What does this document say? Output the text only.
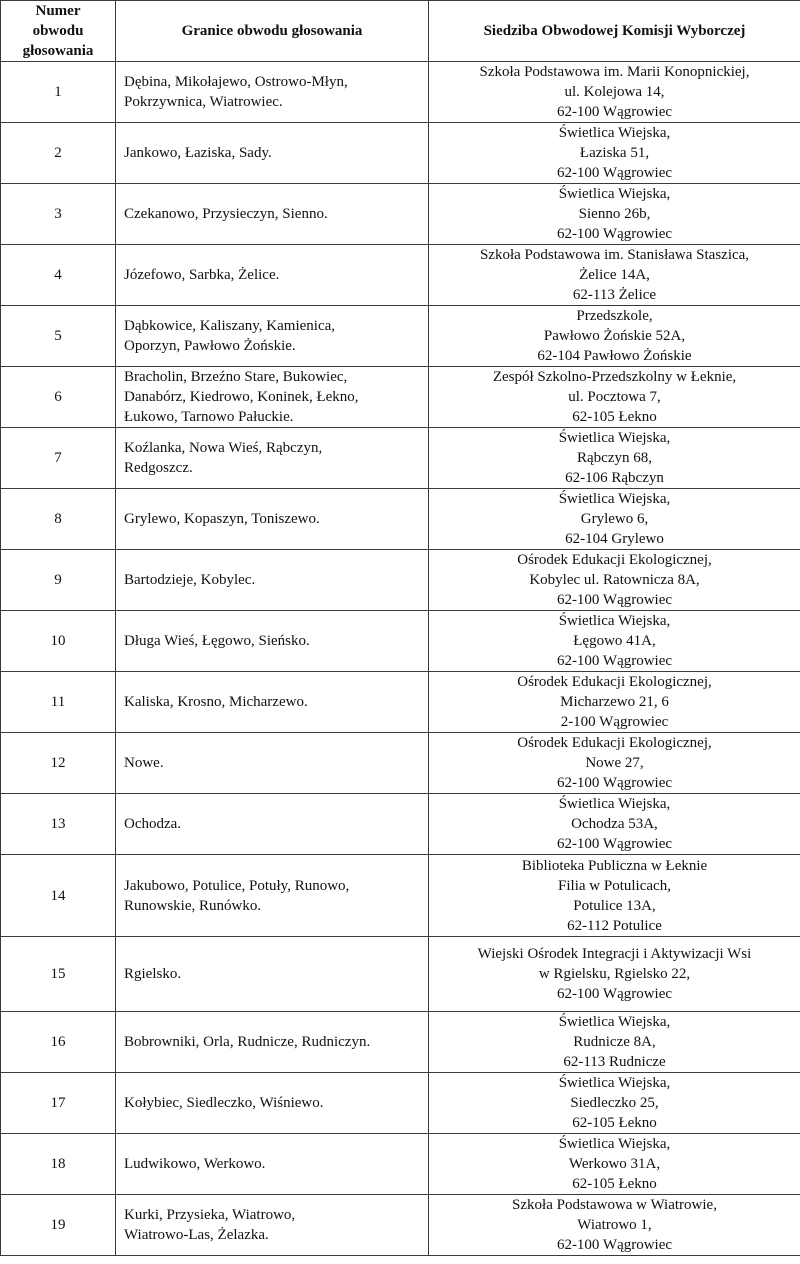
Numer
obwodu
głosowania	Granice obwodu głosowania	Siedziba Obwodowej Komisji Wyborczej
1	Dębina, Mikołajewo, Ostrowo-Młyn,
Pokrzywnica, Wiatrowiec.	Szkoła Podstawowa im. Marii Konopnickiej,
ul. Kolejowa 14,
62-100 Wągrowiec

2	Jankowo, Łaziska, Sady.	Świetlica Wiejska,
Łaziska 51,
62-100 Wągrowiec

3	Czekanowo, Przysieczyn, Sienno.	Świetlica Wiejska,
Sienno 26b,
62-100 Wągrowiec

4	Józefowo, Sarbka, Żelice.	Szkoła Podstawowa im. Stanisława Staszica,
Żelice 14A,
62-113 Żelice

5	Dąbkowice, Kaliszany, Kamienica,
Oporzyn, Pawłowo Żońskie.	Przedszkole,
Pawłowo Żońskie 52A,
62-104 Pawłowo Żońskie

6	Bracholin, Brzeźno Stare, Bukowiec,
Danabórz, Kiedrowo, Koninek, Łekno,
Łukowo, Tarnowo Pałuckie.	Zespół Szkolno-Przedszkolny w Łeknie,
ul. Pocztowa 7,
62-105 Łekno

7	Koźlanka, Nowa Wieś, Rąbczyn,
Redgoszcz.	Świetlica Wiejska,
Rąbczyn 68,
62-106 Rąbczyn

8	Grylewo, Kopaszyn, Toniszewo.	Świetlica Wiejska,
Grylewo 6,
62-104 Grylewo

9	Bartodzieje, Kobylec.	Ośrodek Edukacji Ekologicznej,
Kobylec ul. Ratownicza 8A,
62-100 Wągrowiec

10	Długa Wieś, Łęgowo, Sieńsko.	Świetlica Wiejska,
Łęgowo 41A,
62-100 Wągrowiec

11	Kaliska, Krosno, Micharzewo.	Ośrodek Edukacji Ekologicznej,
Micharzewo 21, 6
2-100 Wągrowiec

12	Nowe.	Ośrodek Edukacji Ekologicznej,
Nowe 27,
62-100 Wągrowiec

13	Ochodza.	Świetlica Wiejska,
Ochodza 53A,
62-100 Wągrowiec

14	Jakubowo, Potulice, Potuły, Runowo,
Runowskie, Runówko.	Biblioteka Publiczna w Łeknie
Filia w Potulicach,
Potulice 13A,
62-112 Potulice

15	Rgielsko.	Wiejski Ośrodek Integracji i Aktywizacji Wsi
w Rgielsku, Rgielsko 22,
62-100 Wągrowiec

16	Bobrowniki, Orla, Rudnicze, Rudniczyn.	Świetlica Wiejska,
Rudnicze 8A,
62-113 Rudnicze

17	Kołybiec, Siedleczko, Wiśniewo.	Świetlica Wiejska,
Siedleczko 25,
62-105 Łekno

18	Ludwikowo, Werkowo.	Świetlica Wiejska,
Werkowo 31A,
62-105 Łekno

19	Kurki, Przysieka, Wiatrowo,
Wiatrowo-Las, Żelazka.	Szkoła Podstawowa w Wiatrowie,
Wiatrowo 1,
62-100 Wągrowiec
